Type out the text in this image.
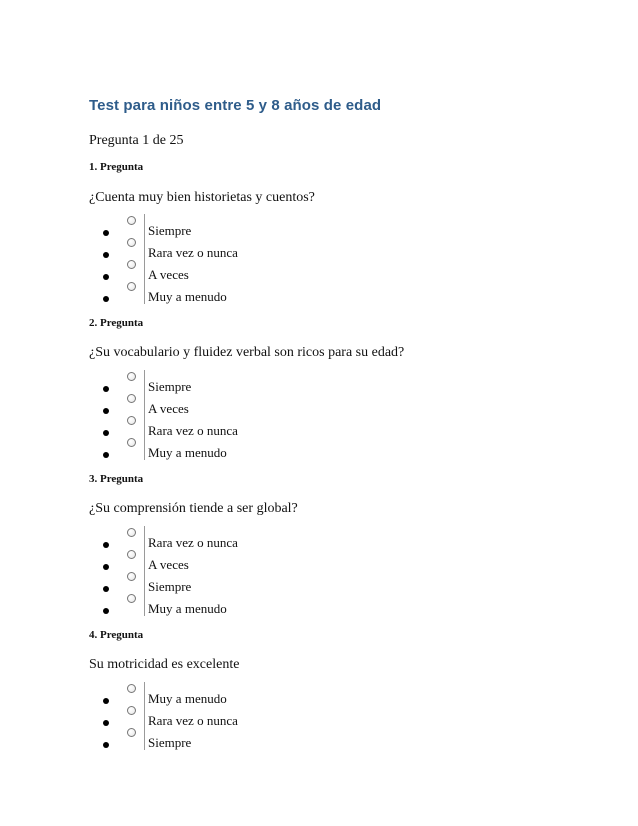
Test para niños entre 5 y 8 años de edad
Pregunta 1 de 25
1. Pregunta
¿Cuenta muy bien historietas y cuentos?
Siempre
Rara vez o nunca
A veces
Muy a menudo
2. Pregunta
¿Su vocabulario y fluidez verbal son ricos para su edad?
Siempre
A veces
Rara vez o nunca
Muy a menudo
3. Pregunta
¿Su comprensión tiende a ser global?
Rara vez o nunca
A veces
Siempre
Muy a menudo
4. Pregunta
Su motricidad es excelente
Muy a menudo
Rara vez o nunca
Siempre
